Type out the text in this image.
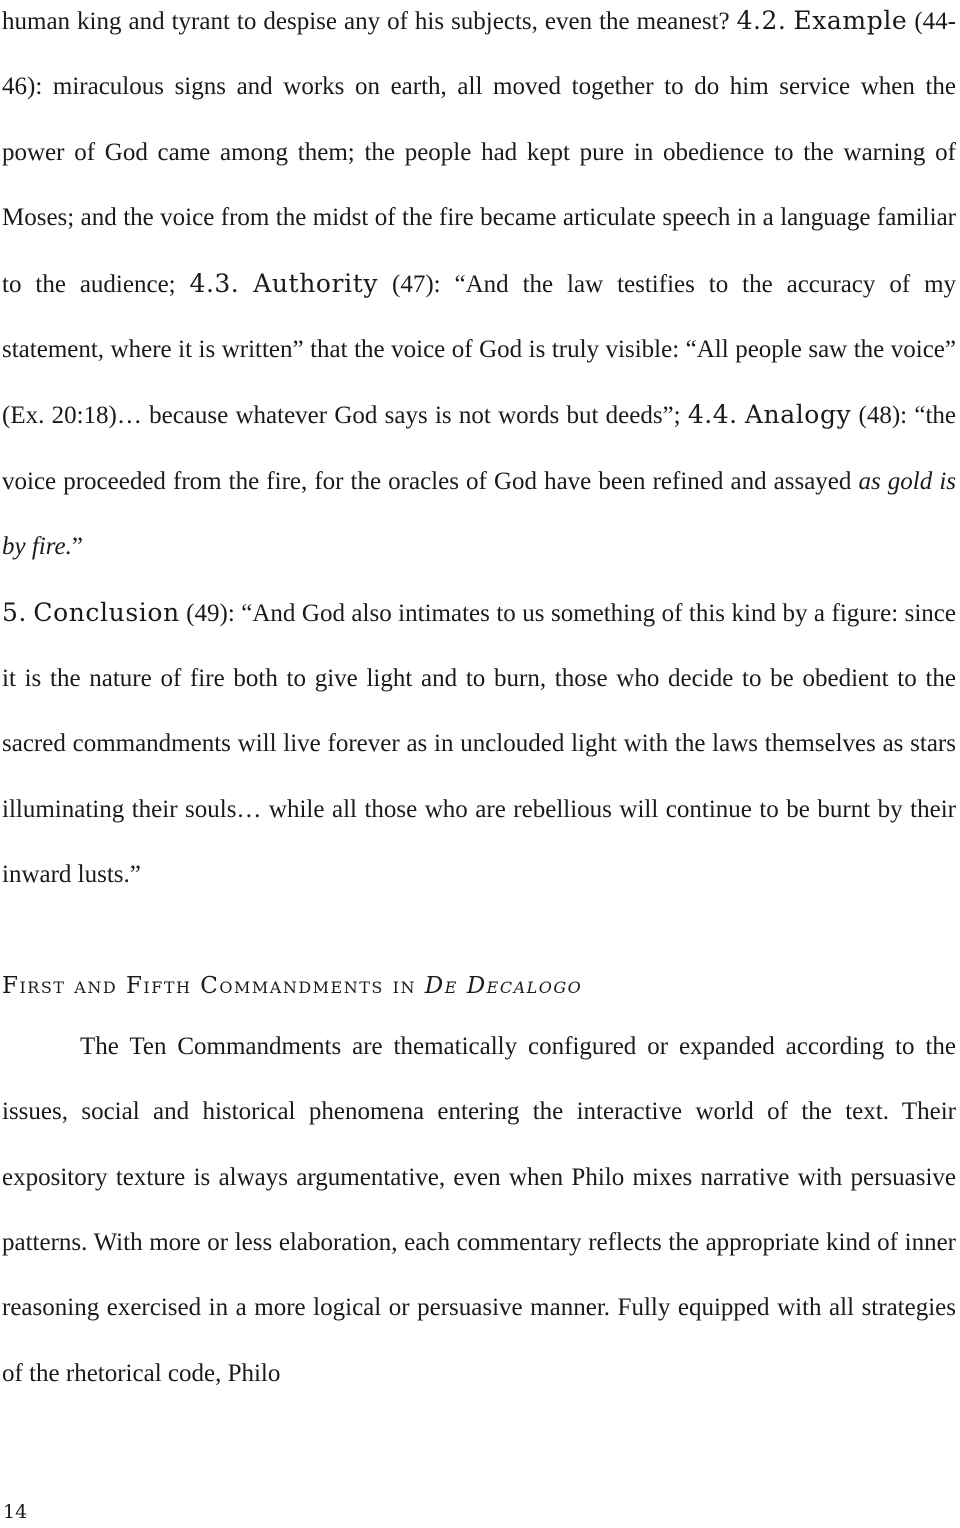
human king and tyrant to despise any of his subjects, even the meanest? 4.2. Example (44-46): miraculous signs and works on earth, all moved together to do him service when the power of God came among them; the people had kept pure in obedience to the warning of Moses; and the voice from the midst of the fire became articulate speech in a language familiar to the audience; 4.3. Authority (47): “And the law testifies to the accuracy of my statement, where it is written” that the voice of God is truly visible: “All people saw the voice” (Ex. 20:18)… because whatever God says is not words but deeds”; 4.4. Analogy (48): “the voice proceeded from the fire, for the oracles of God have been refined and assayed as gold is by fire.”

5. Conclusion (49): “And God also intimates to us something of this kind by a figure: since it is the nature of fire both to give light and to burn, those who decide to be obedient to the sacred commandments will live forever as in unclouded light with the laws themselves as stars illuminating their souls… while all those who are rebellious will continue to be burnt by their inward lusts.”

First and Fifth Commandments in De Decalogo

The Ten Commandments are thematically configured or expanded according to the issues, social and historical phenomena entering the interactive world of the text. Their expository texture is always argumentative, even when Philo mixes narrative with persuasive patterns. With more or less elaboration, each commentary reflects the appropriate kind of inner reasoning exercised in a more logical or persuasive manner. Fully equipped with all strategies of the rhetorical code, Philo

14
